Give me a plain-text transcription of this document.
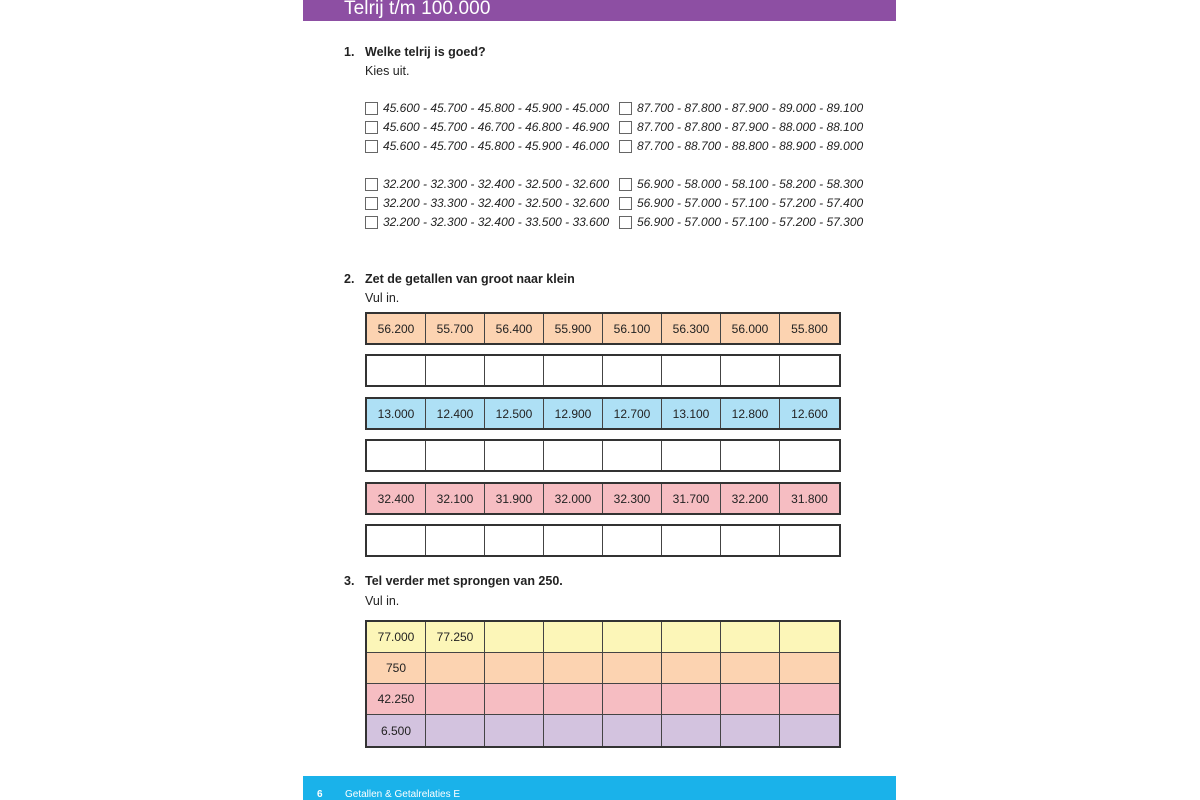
Telrij t/m 100.000
1. Welke telrij is goed?
Kies uit.
45.600 - 45.700 - 45.800 - 45.900 - 45.000
45.600 - 45.700 - 46.700 - 46.800 - 46.900
45.600 - 45.700 - 45.800 - 45.900 - 46.000
87.700 - 87.800 - 87.900 - 89.000 - 89.100
87.700 - 87.800 - 87.900 - 88.000 - 88.100
87.700 - 88.700 - 88.800 - 88.900 - 89.000
32.200 - 32.300 - 32.400 - 32.500 - 32.600
32.200 - 33.300 - 32.400 - 32.500 - 32.600
32.200 - 32.300 - 32.400 - 33.500 - 33.600
56.900 - 58.000 - 58.100 - 58.200 - 58.300
56.900 - 57.000 - 57.100 - 57.200 - 57.400
56.900 - 57.000 - 57.100 - 57.200 - 57.300
2. Zet de getallen van groot naar klein
Vul in.
56.200	55.700	56.400	55.900	56.100	56.300	56.000	55.800
13.000	12.400	12.500	12.900	12.700	13.100	12.800	12.600
32.400	32.100	31.900	32.000	32.300	31.700	32.200	31.800
3. Tel verder met sprongen van 250.
Vul in.
77.000	77.250
750
42.250
6.500
6 Getallen & Getalrelaties E
